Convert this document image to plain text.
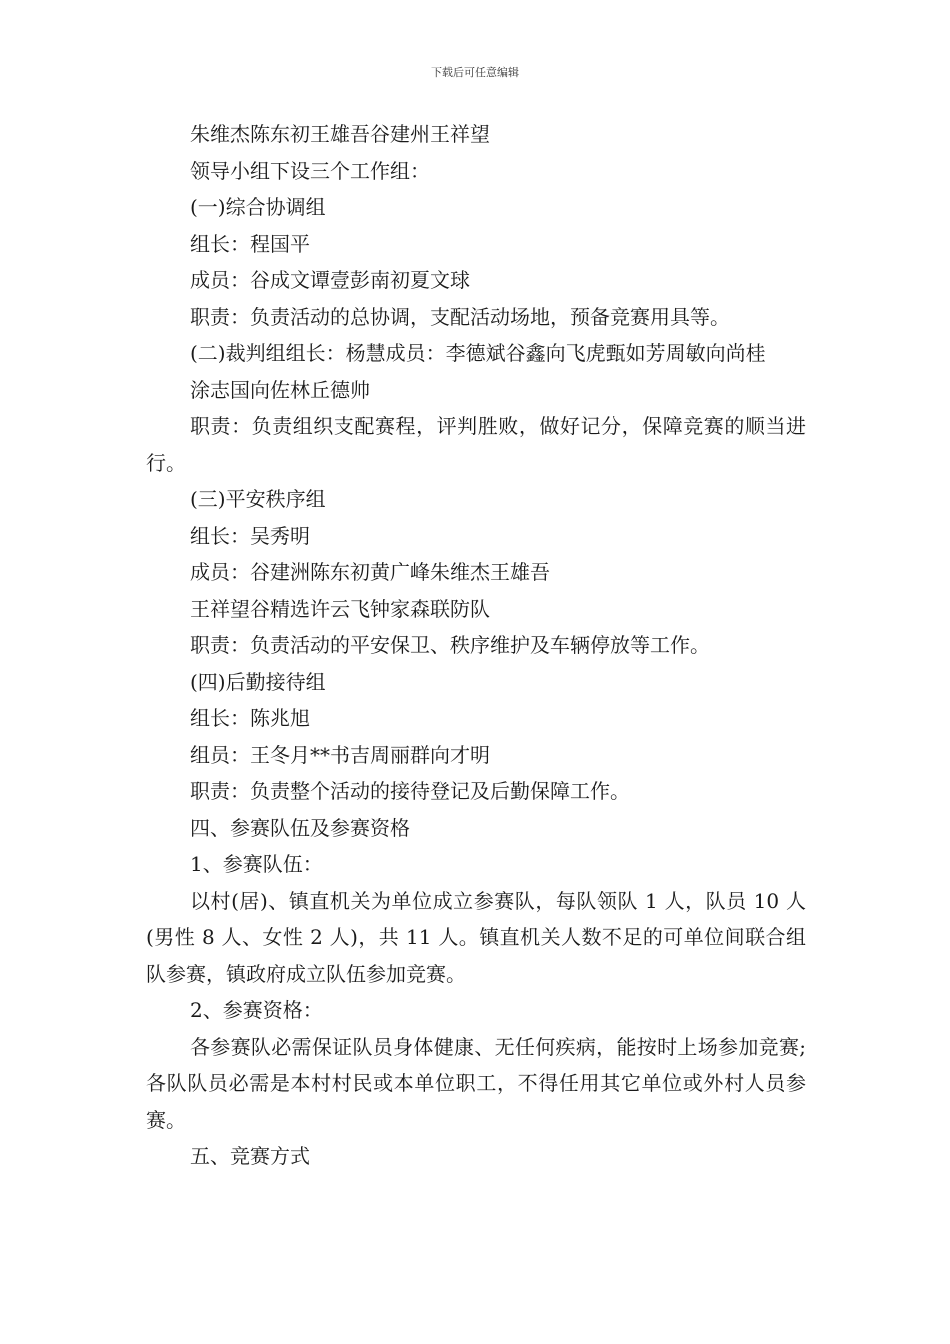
下载后可任意编辑

朱维杰陈东初王雄吾谷建州王祥望

领导小组下设三个工作组：

(一)综合协调组

组长：程国平

成员：谷成文谭壹彭南初夏文球

职责：负责活动的总协调，支配活动场地，预备竞赛用具等。

(二)裁判组组长：杨慧成员：李德斌谷鑫向飞虎甄如芳周敏向尚桂

涂志国向佐林丘德帅

职责：负责组织支配赛程，评判胜败，做好记分，保障竞赛的顺当进行。

(三)平安秩序组

组长：吴秀明

成员：谷建洲陈东初黄广峰朱维杰王雄吾

王祥望谷精选许云飞钟家森联防队

职责：负责活动的平安保卫、秩序维护及车辆停放等工作。

(四)后勤接待组

组长：陈兆旭

组员：王冬月**书吉周丽群向才明

职责：负责整个活动的接待登记及后勤保障工作。

四、参赛队伍及参赛资格

1、参赛队伍：

以村(居)、镇直机关为单位成立参赛队，每队领队 1 人，队员 10 人(男性 8 人、女性 2 人)，共 11 人。镇直机关人数不足的可单位间联合组队参赛，镇政府成立队伍参加竞赛。

2、参赛资格：

各参赛队必需保证队员身体健康、无任何疾病，能按时上场参加竞赛;各队队员必需是本村村民或本单位职工，不得任用其它单位或外村人员参赛。

五、竞赛方式
